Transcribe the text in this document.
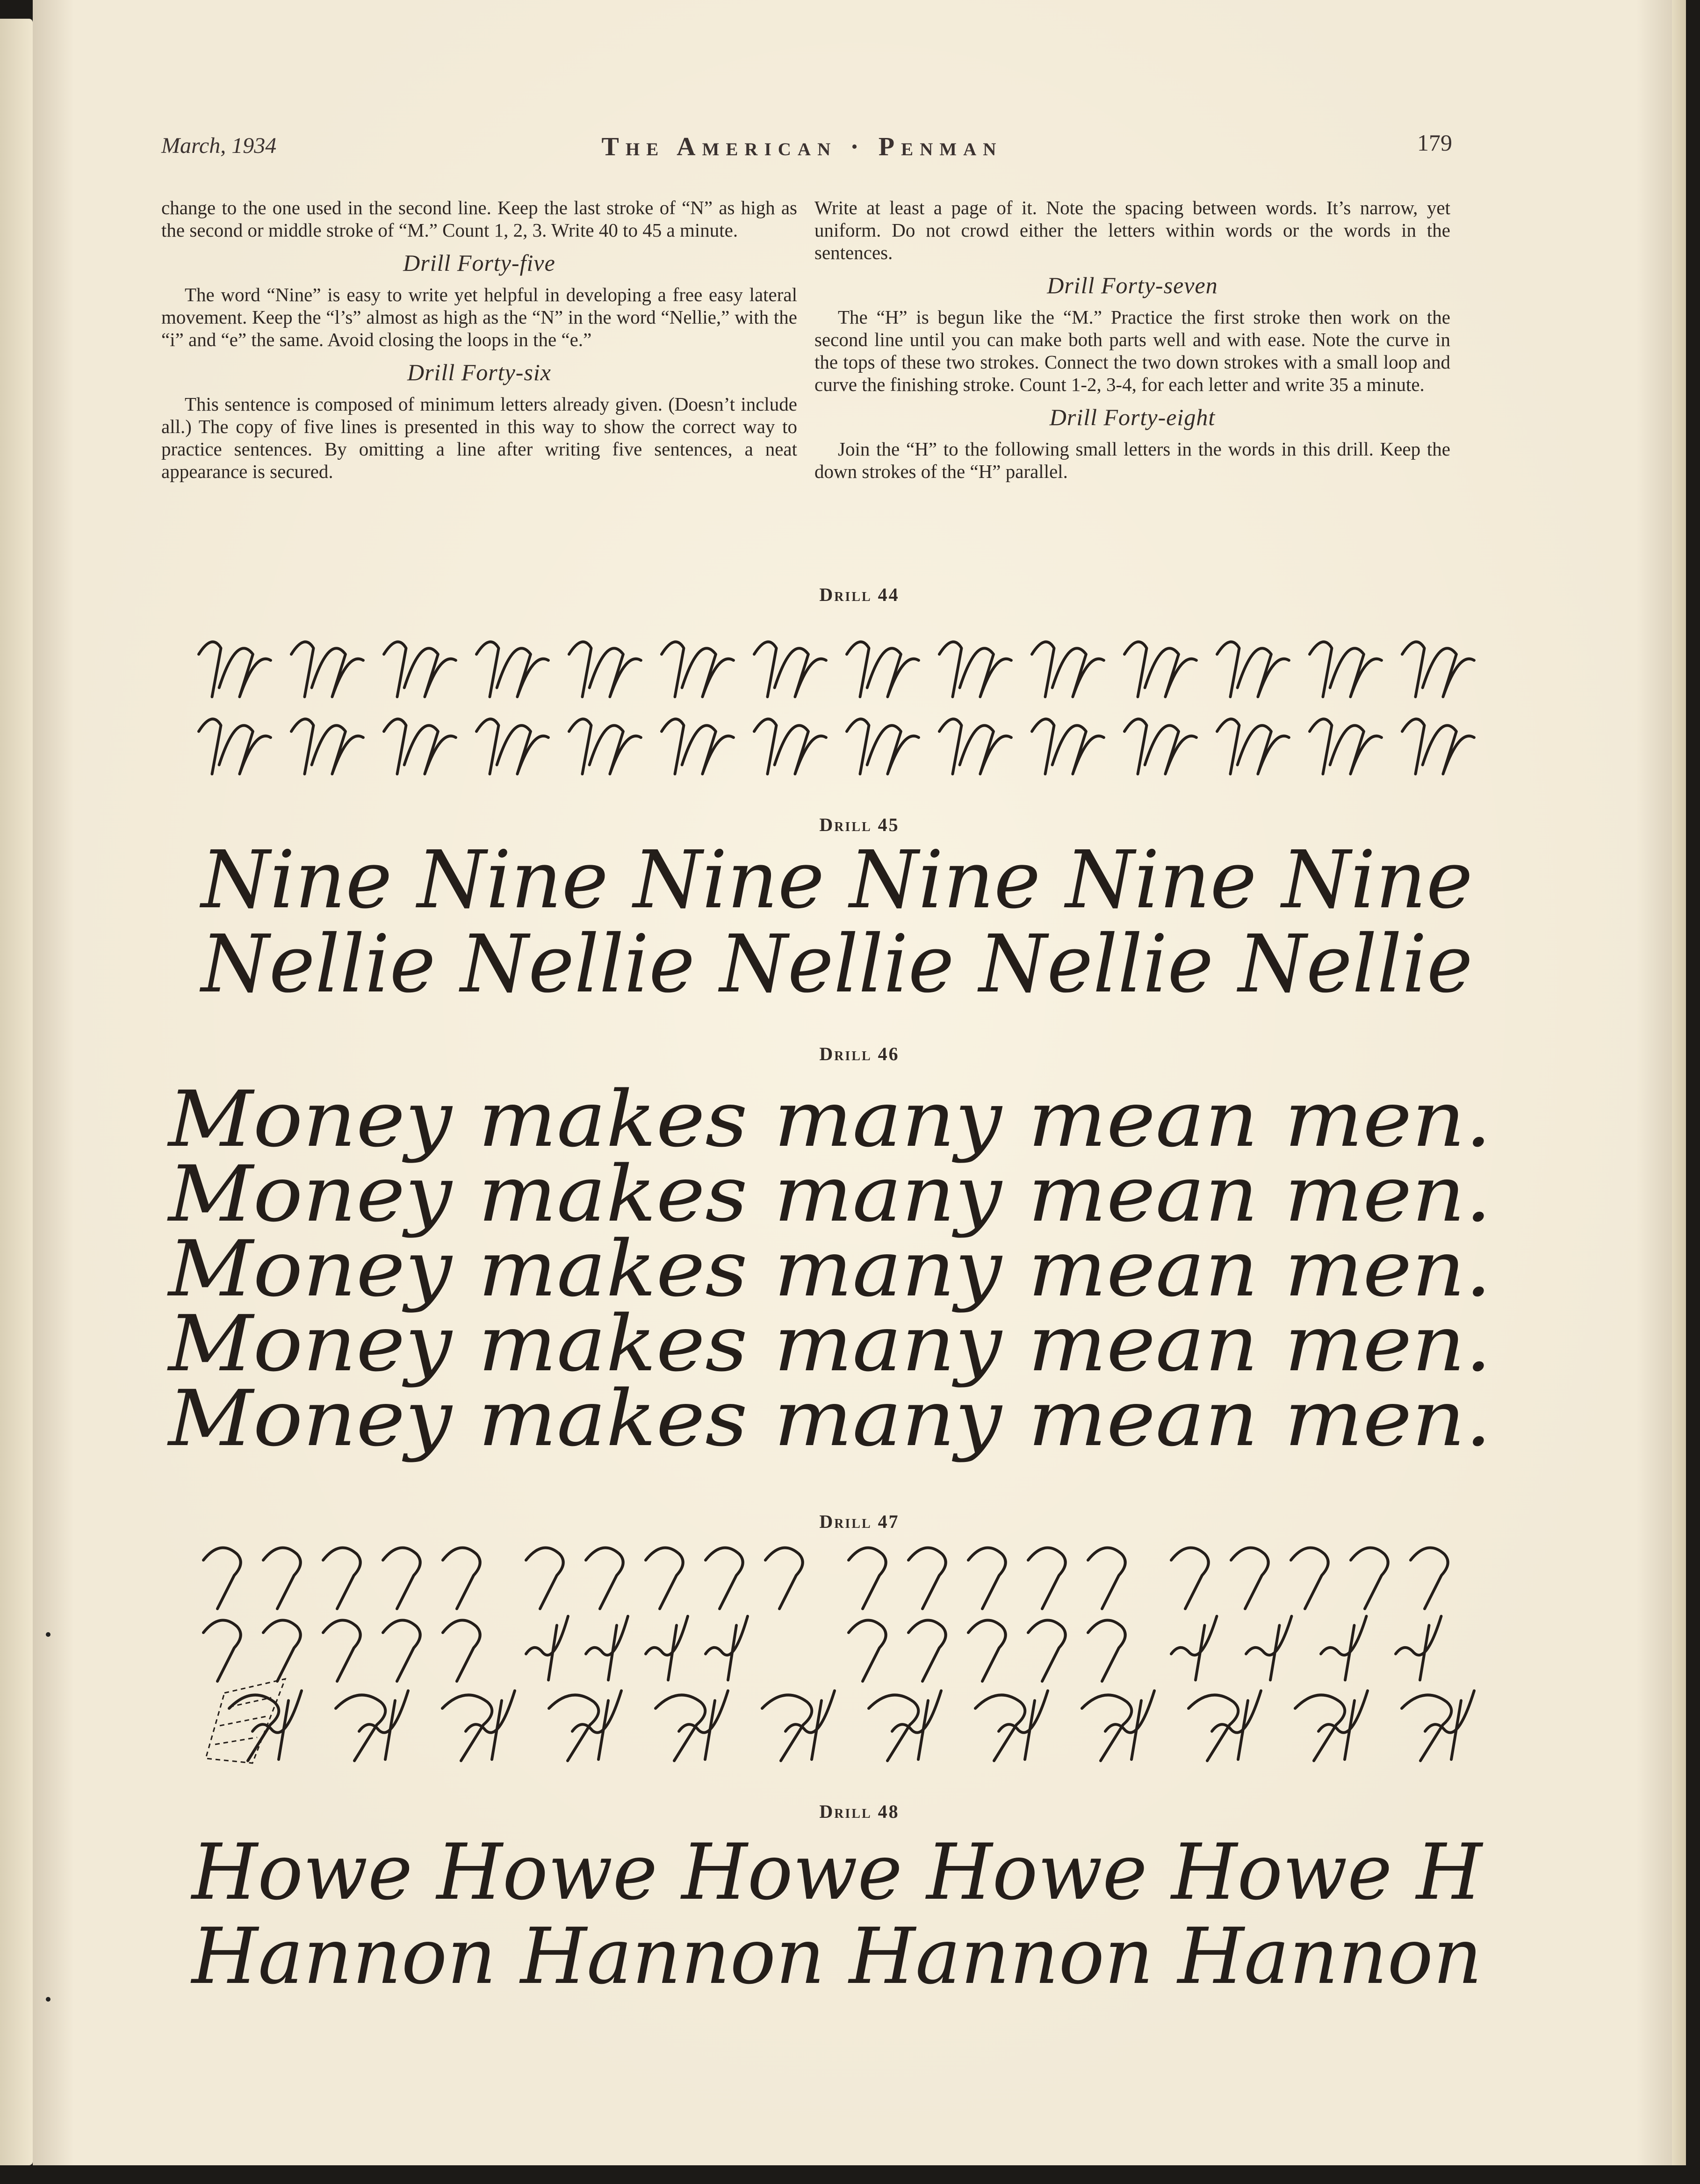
March, 1934	The American · Penman	179

change to the one used in the second line. Keep the last stroke of “N” as high as the second or middle stroke of “M.” Count 1, 2, 3. Write 40 to 45 a minute.

Drill Forty-five

The word “Nine” is easy to write yet helpful in developing a free easy lateral movement. Keep the “l’s” almost as high as the “N” in the word “Nellie,” with the “i” and “e” the same. Avoid closing the loops in the “e.”

Drill Forty-six

This sentence is composed of minimum letters already given. (Doesn’t include all.) The copy of five lines is presented in this way to show the correct way to practice sentences. By omitting a line after writing five sentences, a neat appearance is secured.

Write at least a page of it. Note the spacing between words. It’s narrow, yet uniform. Do not crowd either the letters within words or the words in the sentences.

Drill Forty-seven

The “H” is begun like the “M.” Practice the first stroke then work on the second line until you can make both parts well and with ease. Note the curve in the tops of these two strokes. Connect the two down strokes with a small loop and curve the finishing stroke. Count 1-2, 3-4, for each letter and write 35 a minute.

Drill Forty-eight

Join the “H” to the following small letters in the words in this drill. Keep the down strokes of the “H” parallel.

Drill 44
Drill 45
Nine Nine Nine Nine Nine Nine
Nellie Nellie Nellie Nellie Nellie
Drill 46
Money makes many mean men.
Money makes many mean men.
Money makes many mean men.
Money makes many mean men.
Money makes many mean men.
Drill 47
Drill 48
Howe Howe Howe Howe Howe H
Hannon Hannon Hannon Hannon
